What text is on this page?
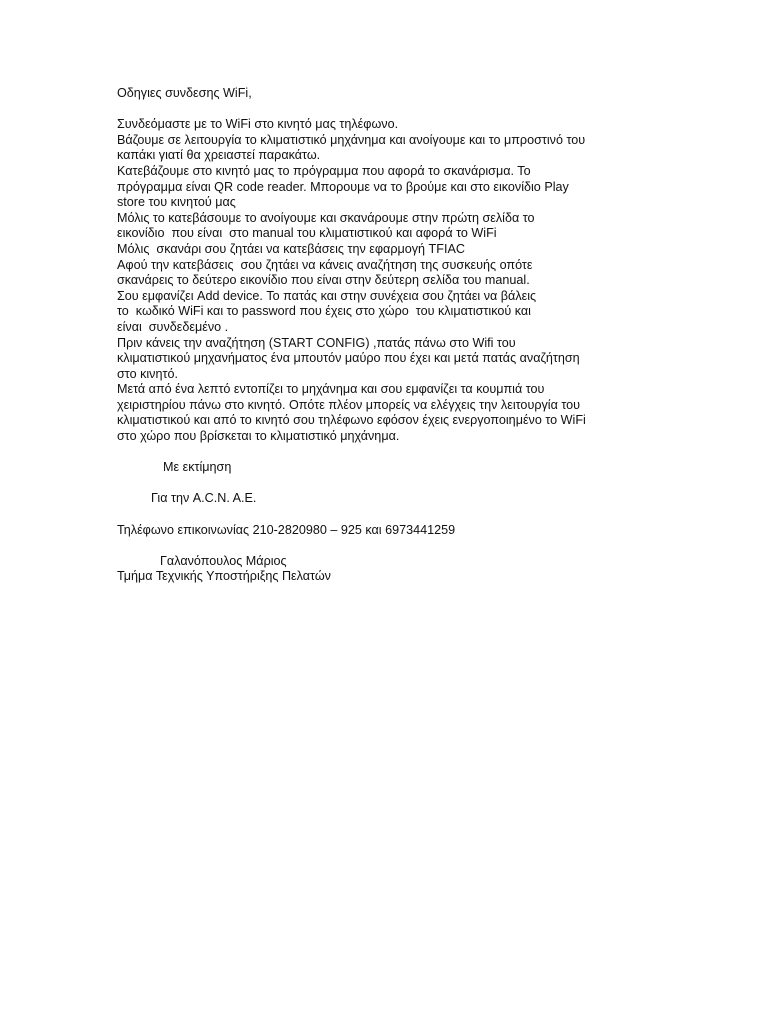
Οδηγιες συνδεσης WiFi,
Συνδεόμαστε με το WiFi στο κινητό μας τηλέφωνο.
Βάζουμε σε λειτουργία το κλιματιστικό μηχάνημα και ανοίγουμε και το μπροστινό του
καπάκι γιατί θα χρειαστεί παρακάτω.
Κατεβάζουμε στο κινητό μας το πρόγραμμα που αφορά το σκανάρισμα. Το
πρόγραμμα είναι QR code reader. Μπορουμε να το βρούμε και στο εικονίδιο Play
store του κινητού μας
Μόλις το κατεβάσουμε το ανοίγουμε και σκανάρουμε στην πρώτη σελίδα το
εικονίδιο  που είναι  στο manual του κλιματιστικού και αφορά το WiFi
Μόλις  σκανάρι σου ζητάει να κατεβάσεις την εφαρμογή TFIAC
Αφού την κατεβάσεις  σου ζητάει να κάνεις αναζήτηση της συσκευής οπότε
σκανάρεις το δεύτερο εικονίδιο που είναι στην δεύτερη σελίδα του manual.
Σου εμφανίζει Add device. Το πατάς και στην συνέχεια σου ζητάει να βάλεις
το  κωδικό WiFi και το password που έχεις στο χώρο  του κλιματιστικού και
είναι  συνδεδεμένο .
Πριν κάνεις την αναζήτηση (START CONFIG) ,πατάς πάνω στο Wifi του
κλιματιστικού μηχανήματος ένα μπουτόν μαύρο που έχει και μετά πατάς αναζήτηση
στο κινητό.
Μετά από ένα λεπτό εντοπίζει το μηχάνημα και σου εμφανίζει τα κουμπιά του
χειριστηρίου πάνω στο κινητό. Οπότε πλέον μπορείς να ελέγχεις την λειτουργία του
κλιματιστικού και από το κινητό σου τηλέφωνο εφόσον έχεις ενεργοποιημένο το WiFi
στο χώρο που βρίσκεται το κλιματιστικό μηχάνημα.
Με εκτίμηση
Για την A.C.N. A.E.
Τηλέφωνο επικοινωνίας 210-2820980 – 925 και 6973441259
Γαλανόπουλος Μάριος
Τμήμα Τεχνικής Υποστήριξης Πελατών
